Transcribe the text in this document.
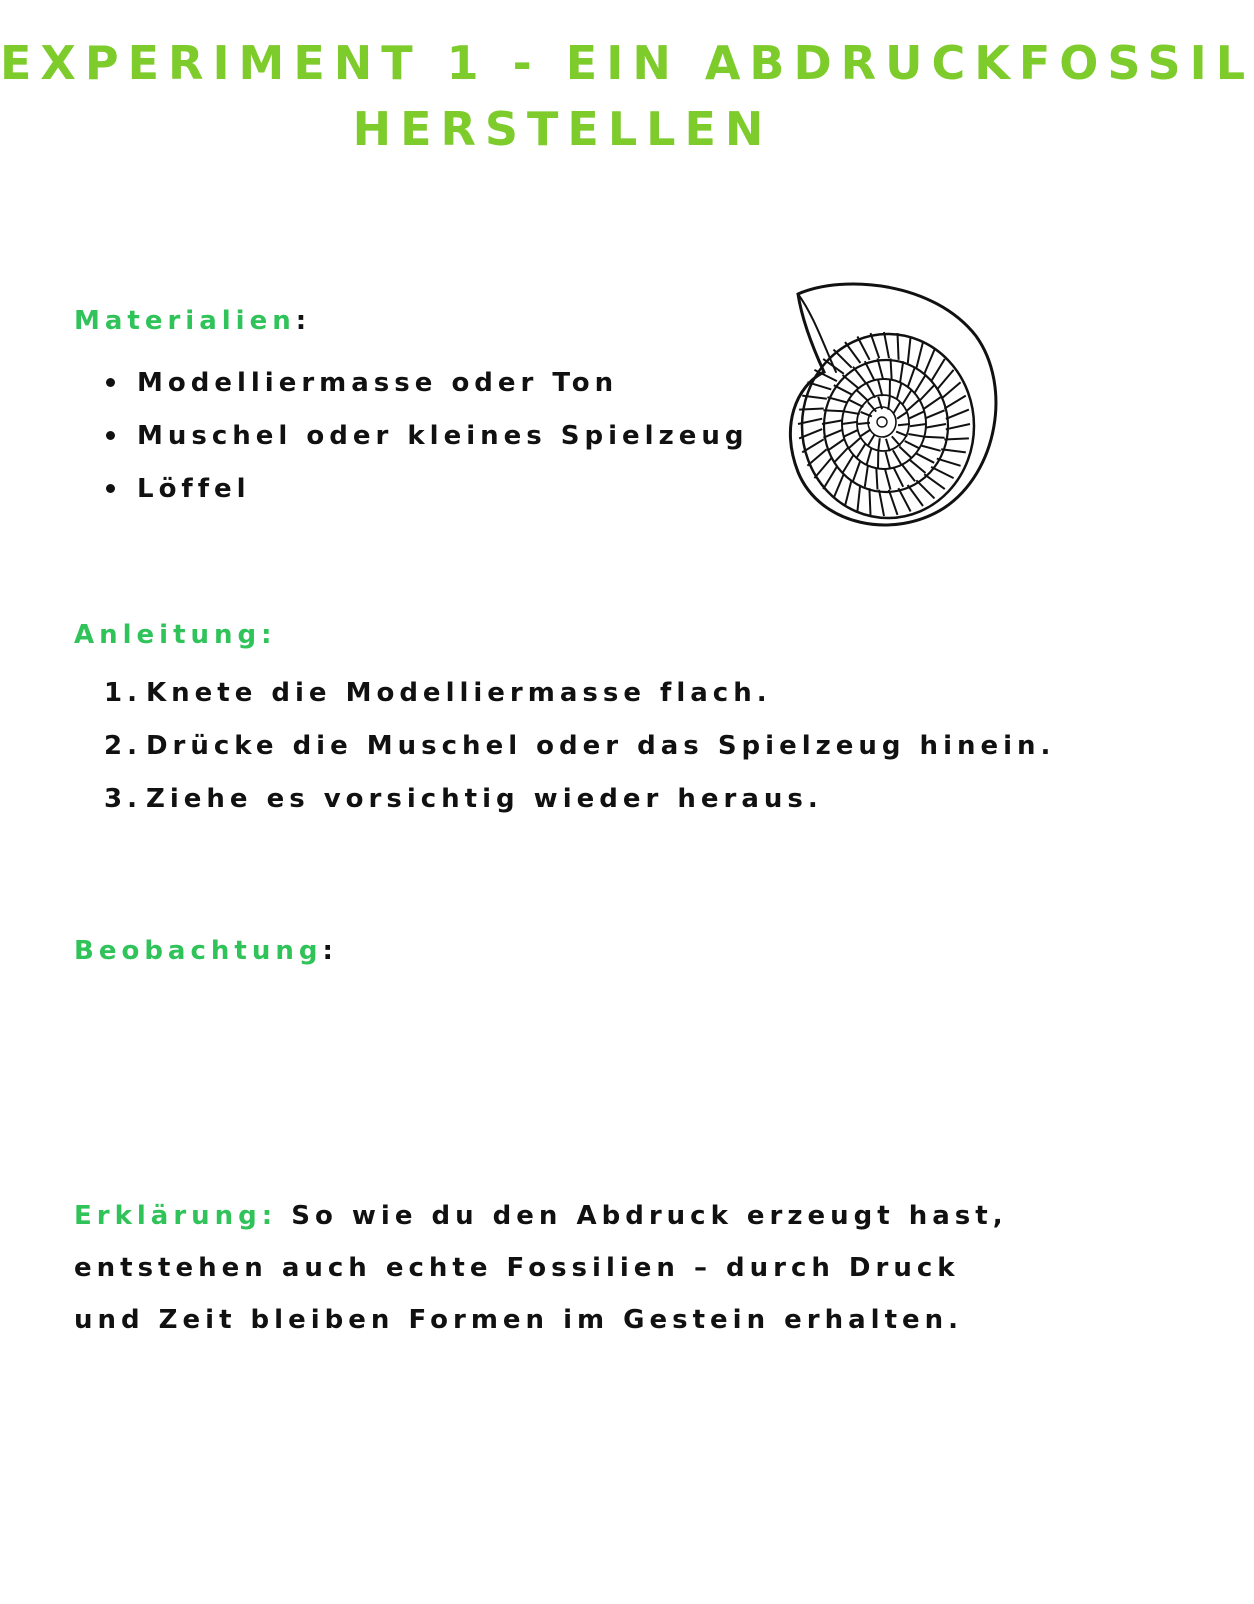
EXPERIMENT 1 - EIN ABDRUCKFOSSIL
HERSTELLEN
Materialien:
Modelliermasse oder Ton
Muschel oder kleines Spielzeug
Löffel
Anleitung:
1. Knete die Modelliermasse flach.
2. Drücke die Muschel oder das Spielzeug hinein.
3. Ziehe es vorsichtig wieder heraus.
Beobachtung:
Erklärung: So wie du den Abdruck erzeugt hast, entstehen auch echte Fossilien – durch Druck und Zeit bleiben Formen im Gestein erhalten.
